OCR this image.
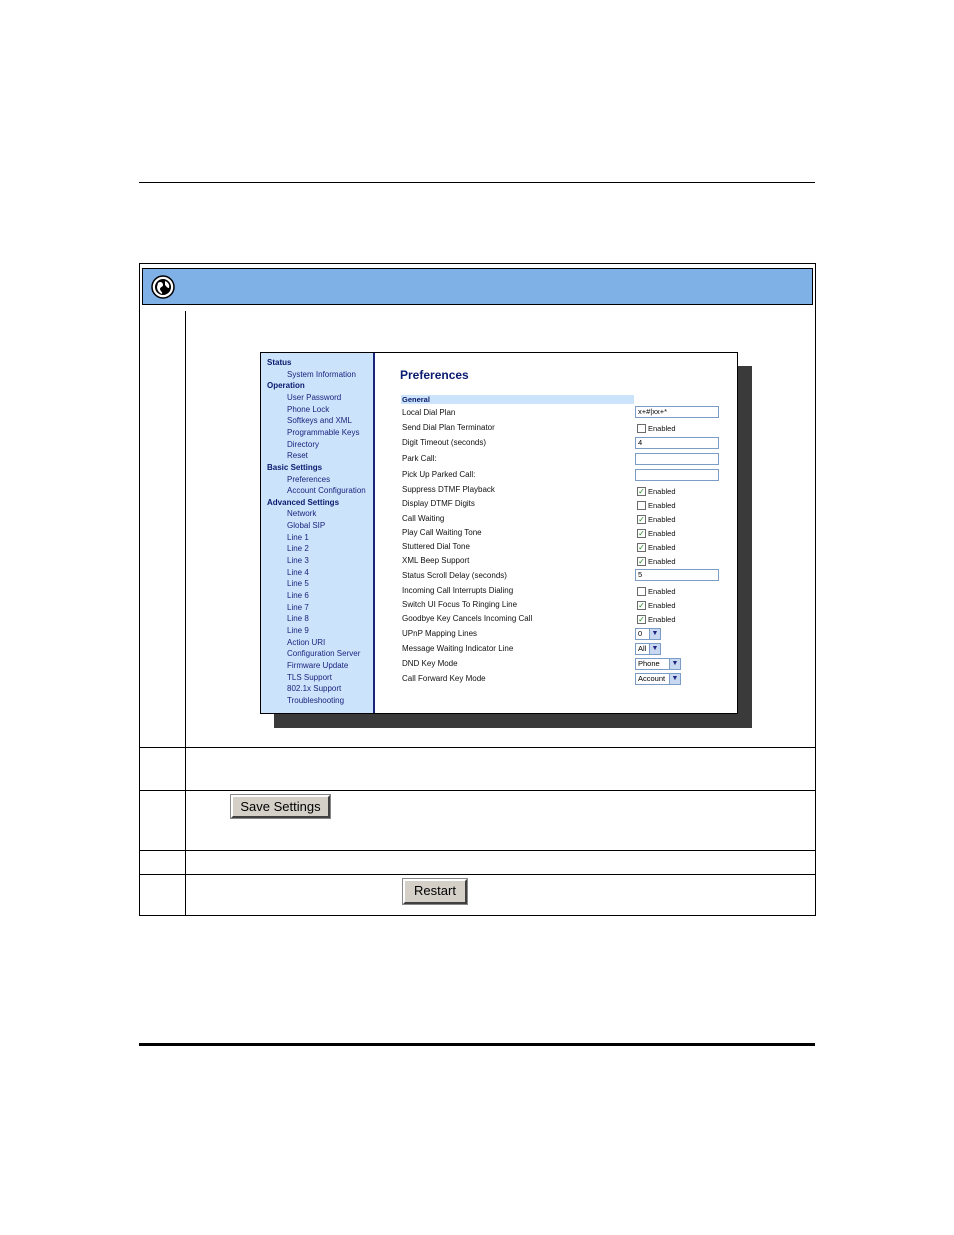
Status
System Information
Operation
User Password
Phone Lock
Softkeys and XML
Programmable Keys
Directory
Reset
Basic Settings
Preferences
Account Configuration
Advanced Settings
Network
Global SIP
Line 1
Line 2
Line 3
Line 4
Line 5
Line 6
Line 7
Line 8
Line 9
Action URI
Configuration Server
Firmware Update
TLS Support
802.1x Support
Troubleshooting
Preferences
General
Local Dial Plan	x+#|xx+*
Send Dial Plan Terminator	Enabled
Digit Timeout (seconds)	4
Park Call:
Pick Up Parked Call:
Suppress DTMF Playback	✓ Enabled
Display DTMF Digits	Enabled
Call Waiting	✓ Enabled
Play Call Waiting Tone	✓ Enabled
Stuttered Dial Tone	✓ Enabled
XML Beep Support	✓ Enabled
Status Scroll Delay (seconds)	5
Incoming Call Interrupts Dialing	Enabled
Switch UI Focus To Ringing Line	✓ Enabled
Goodbye Key Cancels Incoming Call	✓ Enabled
UPnP Mapping Lines	0	▼
Message Waiting Indicator Line	All ▼
DND Key Mode	Phone	▼
Call Forward Key Mode	Account ▼
Save Settings
Restart
